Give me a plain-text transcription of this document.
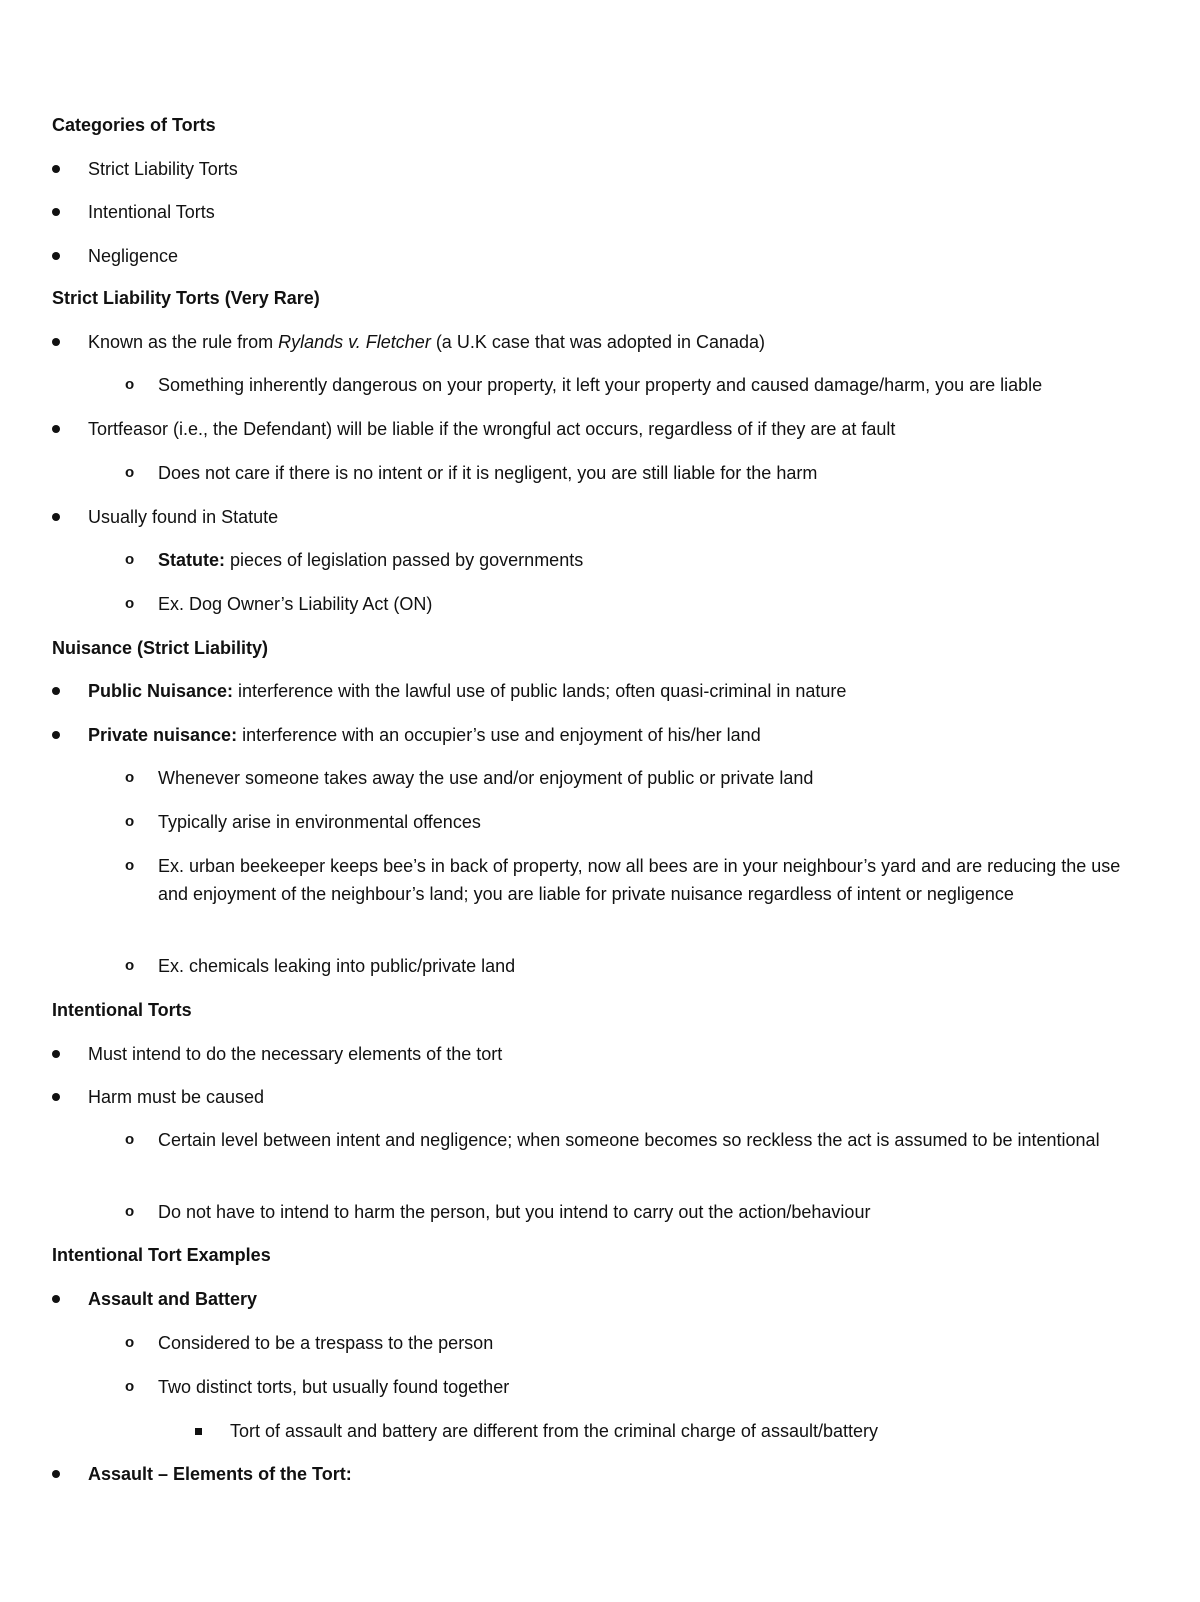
Categories of Torts
Strict Liability Torts
Intentional Torts
Negligence
Strict Liability Torts (Very Rare)
Known as the rule from Rylands v. Fletcher (a U.K case that was adopted in Canada)
o Something inherently dangerous on your property, it left your property and caused damage/harm, you are liable
Tortfeasor (i.e., the Defendant) will be liable if the wrongful act occurs, regardless of if they are at fault
o Does not care if there is no intent or if it is negligent, you are still liable for the harm
Usually found in Statute
o Statute: pieces of legislation passed by governments
o Ex. Dog Owner’s Liability Act (ON)
Nuisance (Strict Liability)
Public Nuisance: interference with the lawful use of public lands; often quasi-criminal in nature
Private nuisance: interference with an occupier’s use and enjoyment of his/her land
o Whenever someone takes away the use and/or enjoyment of public or private land
o Typically arise in environmental offences
o Ex. urban beekeeper keeps bee’s in back of property, now all bees are in your neighbour’s yard and are reducing the use and enjoyment of the neighbour’s land; you are liable for private nuisance regardless of intent or negligence
o Ex. chemicals leaking into public/private land
Intentional Torts
Must intend to do the necessary elements of the tort
Harm must be caused
o Certain level between intent and negligence; when someone becomes so reckless the act is assumed to be intentional
o Do not have to intend to harm the person, but you intend to carry out the action/behaviour
Intentional Tort Examples
Assault and Battery
o Considered to be a trespass to the person
o Two distinct torts, but usually found together
Tort of assault and battery are different from the criminal charge of assault/battery
Assault – Elements of the Tort:
